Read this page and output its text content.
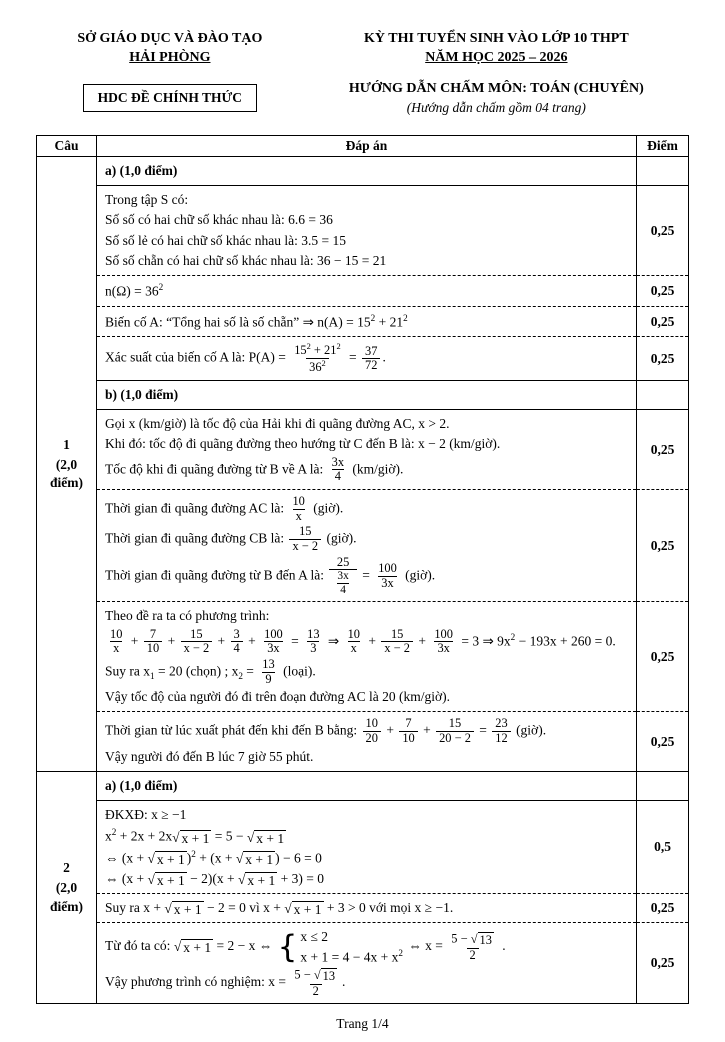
SỞ GIÁO DỤC VÀ ĐÀO TẠO
HẢI PHÒNG
HDC ĐỀ CHÍNH THỨC
KỲ THI TUYỂN SINH VÀO LỚP 10 THPT
NĂM HỌC 2025 – 2026
HƯỚNG DẪN CHẤM MÔN: TOÁN (CHUYÊN)
(Hướng dẫn chấm gồm 04 trang)
Câu	Đáp án	Điểm

1
(2,0 điểm)	a) (1,0 điểm)	

	Trong tập S có:
Số số có hai chữ số khác nhau là: 6.6 = 36
Số số lẻ có hai chữ số khác nhau là: 3.5 = 15
Số số chẵn có hai chữ số khác nhau là: 36 − 15 = 21	0,25

	$n(\Omega) = 36^2$	0,25

	Biến cố A: “Tổng hai số là số chẵn” ⇒ $n(A) = 15^2 + 21^2$	0,25

Xác suất của biến cố A là: $P(A) = \frac{15^2 + 21^2}{36^2} = \frac{37}{72}$ .	0,25

	b) (1,0 điểm)	

Gọi x (km/giờ) là tốc độ của Hải khi đi quãng đường AC, x > 2.
Khi đó: tốc độ đi quãng đường theo hướng từ C đến B là: x − 2 (km/giờ).
Tốc độ khi đi quãng đường từ B về A là: $\frac{3x}{4}$ (km/giờ).
	0,25

Thời gian đi quãng đường AC là: $\frac{10}{x}$ (giờ).
Thời gian đi quãng đường CB là: $\frac{15}{x - 2}$ (giờ).
Thời gian đi quãng đường từ B đến A là: $\frac{25}{\frac{3x}{4}} = \frac{100}{3x}$ (giờ).
	0,25

Theo đề ra ta có phương trình:
$\frac{10}{x} + \frac{7}{10} + \frac{15}{x - 2} + \frac{3}{4} + \frac{100}{3x} = \frac{13}{3}$ ⇒ $\frac{10}{x} + \frac{15}{x - 2} + \frac{100}{3x} = 3$ ⇒ $9x^2 - 193x + 260 = 0$.
Suy ra $x_1 = 20$ (chọn) ; $x_2 = \frac{13}{9}$ (loại).
Vậy tốc độ của người đó đi trên đoạn đường AC là 20 (km/giờ).
	0,25

Thời gian từ lúc xuất phát đến khi đến B bằng: $\frac{10}{20} + \frac{7}{10} + \frac{15}{20 - 2} = \frac{23}{12}$ (giờ).
Vậy người đó đến B lúc 7 giờ 55 phút.
	0,25

2
(2,0 điểm)	a) (1,0 điểm)	

ĐKXĐ: x ≥ −1
$x^2 + 2x + 2x$ √ x + 1 = 5 − √ x + 1
⇔ (x + √ x + 1 )$^2$ + (x + √ x + 1 ) − 6 = 0
⇔ (x + √ x + 1 − 2)(x + √ x + 1 + 3) = 0
	0,5

Suy ra x + √ x + 1 − 2 = 0 vì x + √ x + 1 + 3 > 0 với mọi x ≥ −1.	0,25

Từ đó ta có: √ x + 1 = 2 − x ⇔ { x ≤ 2
$x + 1 = 4 - 4x + x^2$ ⇔ $x = \frac{5 - √ 13}{2}$ .
Vậy phương trình có nghiệm: $x = \frac{5 - √ 13}{2}$ .
	0,25
Trang 1/4
